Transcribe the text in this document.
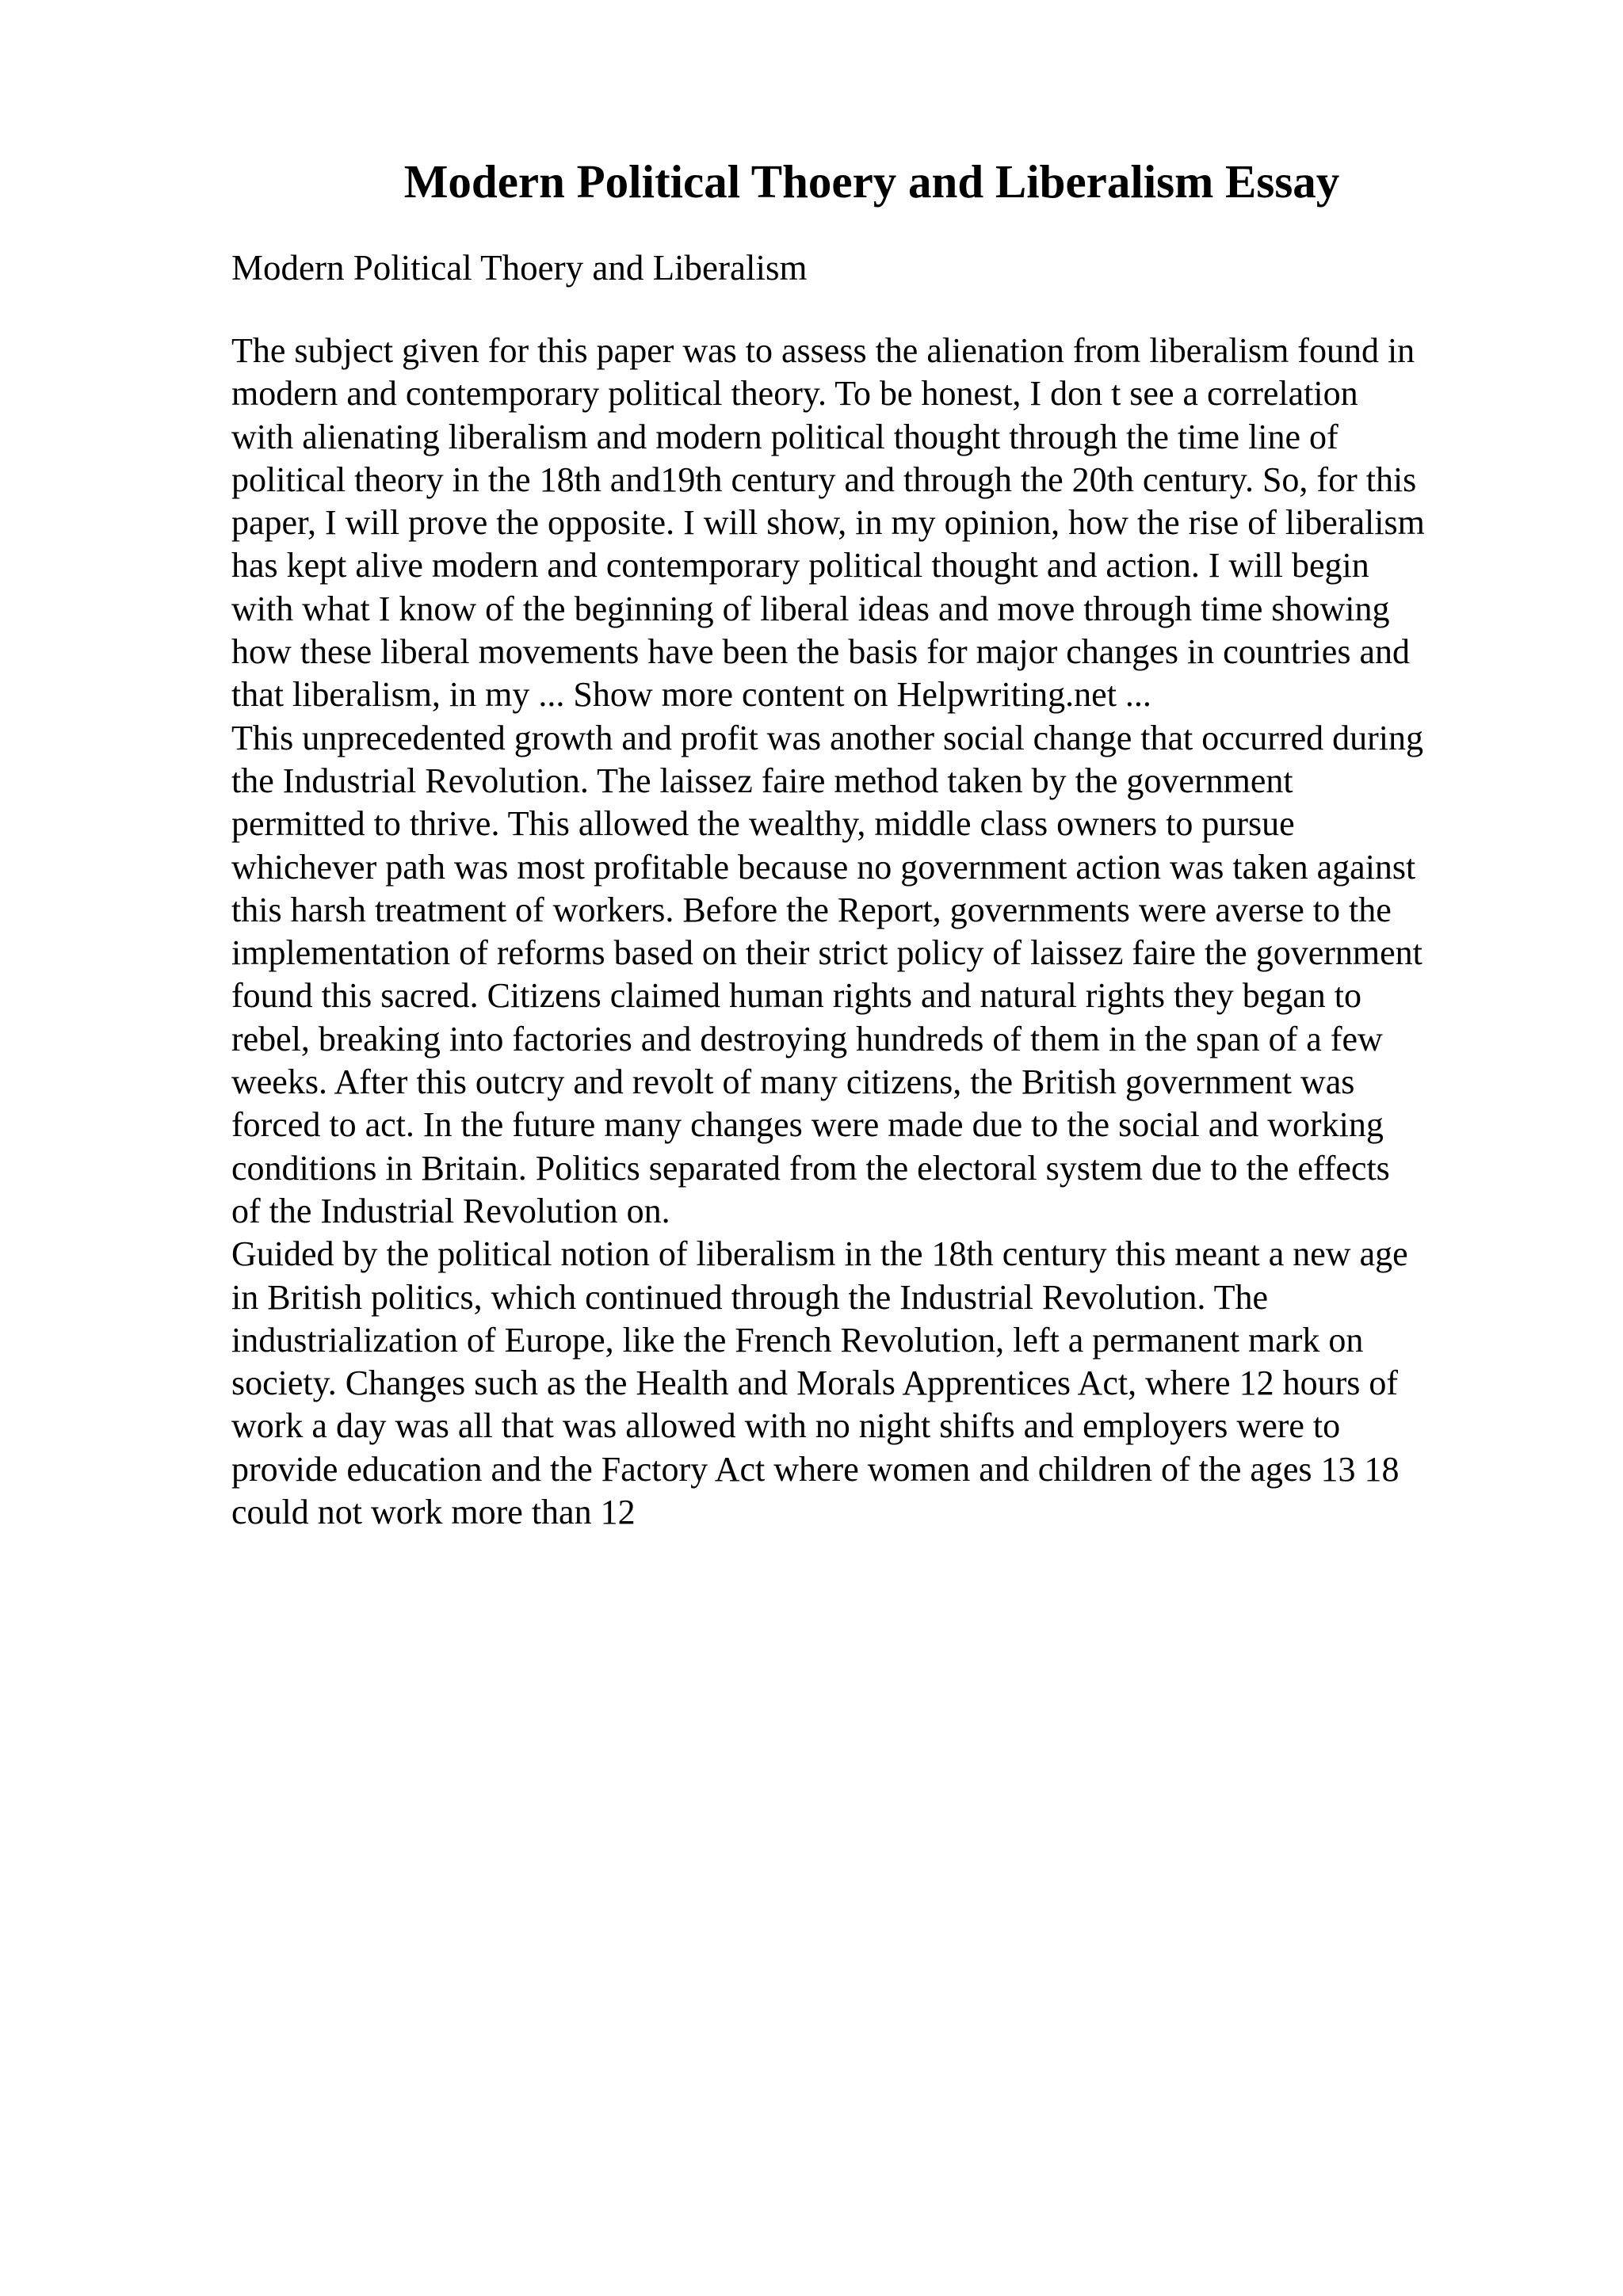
Modern Political Thoery and Liberalism Essay

Modern Political Thoery and Liberalism

The subject given for this paper was to assess the alienation from liberalism found in
modern and contemporary political theory. To be honest, I don t see a correlation
with alienating liberalism and modern political thought through the time line of
political theory in the 18th and19th century and through the 20th century. So, for this
paper, I will prove the opposite. I will show, in my opinion, how the rise of liberalism
has kept alive modern and contemporary political thought and action. I will begin
with what I know of the beginning of liberal ideas and move through time showing
how these liberal movements have been the basis for major changes in countries and
that liberalism, in my ... Show more content on Helpwriting.net ...
This unprecedented growth and profit was another social change that occurred during
the Industrial Revolution. The laissez faire method taken by the government
permitted to thrive. This allowed the wealthy, middle class owners to pursue
whichever path was most profitable because no government action was taken against
this harsh treatment of workers. Before the Report, governments were averse to the
implementation of reforms based on their strict policy of laissez faire the government
found this sacred. Citizens claimed human rights and natural rights they began to
rebel, breaking into factories and destroying hundreds of them in the span of a few
weeks. After this outcry and revolt of many citizens, the British government was
forced to act. In the future many changes were made due to the social and working
conditions in Britain. Politics separated from the electoral system due to the effects
of the Industrial Revolution on.
Guided by the political notion of liberalism in the 18th century this meant a new age
in British politics, which continued through the Industrial Revolution. The
industrialization of Europe, like the French Revolution, left a permanent mark on
society. Changes such as the Health and Morals Apprentices Act, where 12 hours of
work a day was all that was allowed with no night shifts and employers were to
provide education and the Factory Act where women and children of the ages 13 18
could not work more than 12
